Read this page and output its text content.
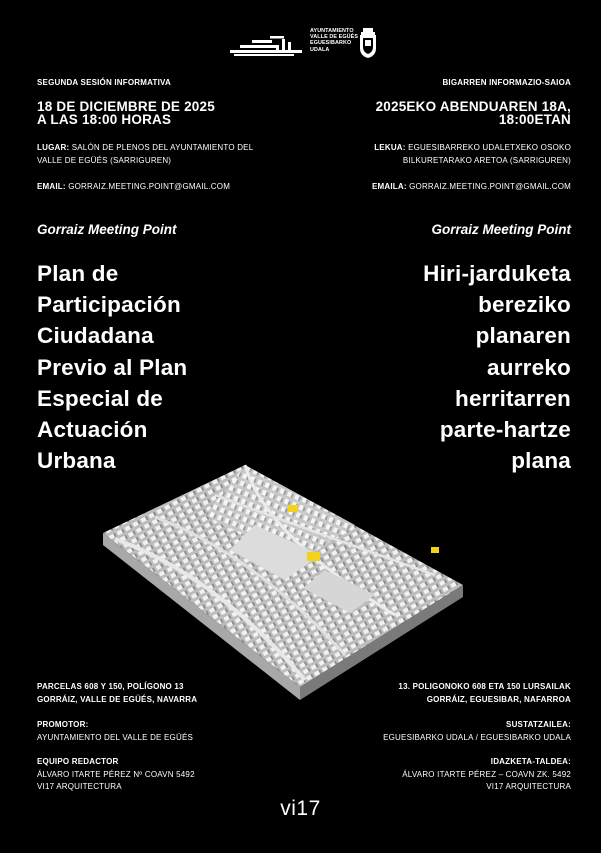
AYUNTAMIENTO
VALLE DE EGÜÉS
EGUESIBARKO
UDALA
SEGUNDA SESIÓN INFORMATIVA
18 DE DICIEMBRE DE 2025
A LAS 18:00 HORAS
LUGAR: SALÓN DE PLENOS DEL AYUNTAMIENTO DEL
VALLE DE EGÜÉS (SARRIGUREN)
EMAIL: GORRAIZ.MEETING.POINT@GMAIL.COM
Gorraiz Meeting Point
Plan de
Participación
Ciudadana
Previo al Plan
Especial de
Actuación
Urbana
BIGARREN INFORMAZIO-SAIOA
2025EKO ABENDUAREN 18A,
18:00ETAN
LEKUA: EGUESIBARREKO UDALETXEKO OSOKO
BILKURETARAKO ARETOA (SARRIGUREN)
EMAILA: GORRAIZ.MEETING.POINT@GMAIL.COM
Gorraiz Meeting Point
Hiri-jarduketa
bereziko
planaren
aurreko
herritarren
parte-hartze
plana
PARCELAS 608 Y 150, POLÍGONO 13
GORRÁIZ, VALLE DE EGÜÉS, NAVARRA
PROMOTOR:
AYUNTAMIENTO DEL VALLE DE EGÜÉS
EQUIPO REDACTOR
ÁLVARO ITARTE PÉREZ Nº COAVN 5492
VI17 ARQUITECTURA
13. POLIGONOKO 608 ETA 150 LURSAILAK
GORRÁIZ, EGUESIBAR, NAFARROA
SUSTATZAILEA:
EGUESIBARKO UDALA / EGUESIBARKO UDALA
IDAZKETA-TALDEA:
ÁLVARO ITARTE PÉREZ – COAVN ZK. 5492
VI17 ARQUITECTURA
vi17
